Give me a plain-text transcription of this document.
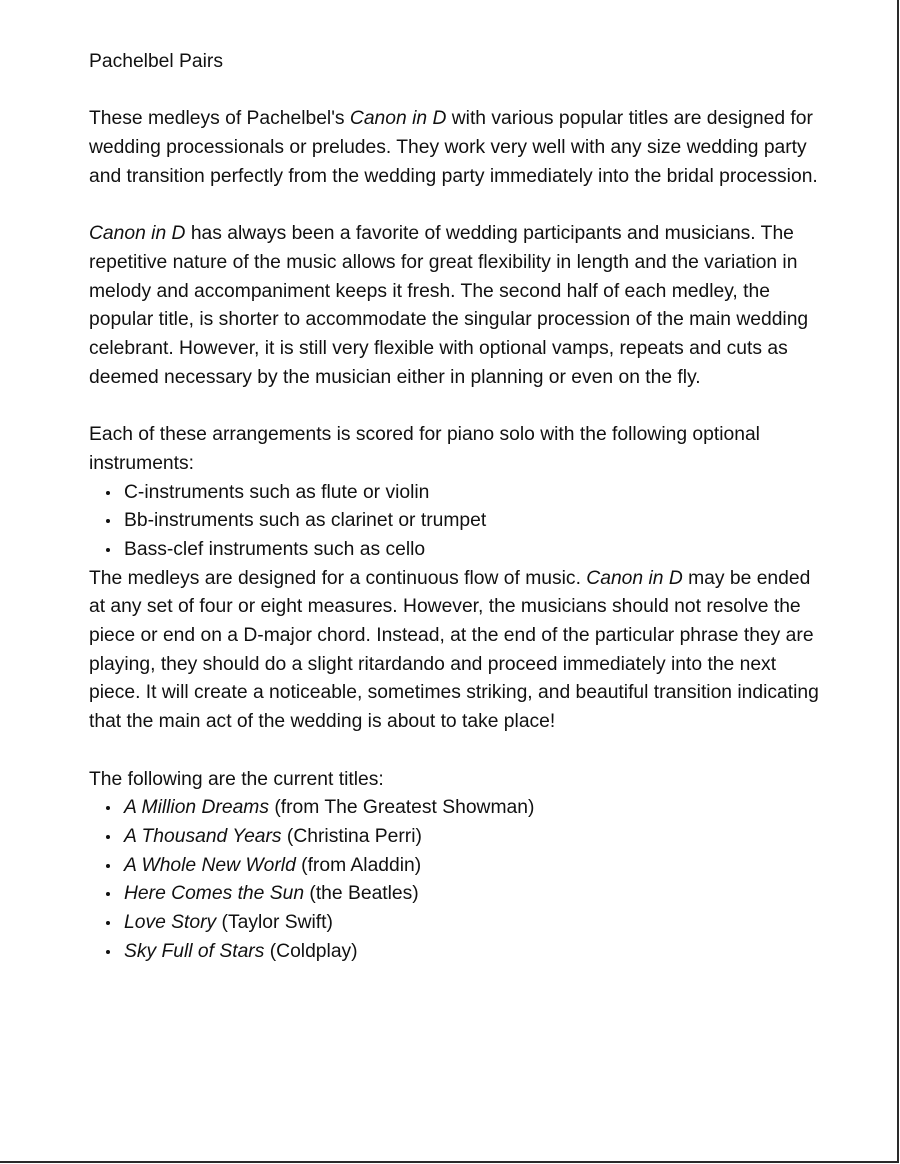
Pachelbel Pairs

These medleys of Pachelbel's Canon in D with various popular titles are designed for wedding processionals or preludes. They work very well with any size wedding party and transition perfectly from the wedding party immediately into the bridal procession.

Canon in D has always been a favorite of wedding participants and musicians. The repetitive nature of the music allows for great flexibility in length and the variation in melody and accompaniment keeps it fresh. The second half of each medley, the popular title, is shorter to accommodate the singular procession of the main wedding celebrant. However, it is still very flexible with optional vamps, repeats and cuts as deemed necessary by the musician either in planning or even on the fly.

Each of these arrangements is scored for piano solo with the following optional instruments:

C-instruments such as flute or violin
Bb-instruments such as clarinet or trumpet
Bass-clef instruments such as cello

The medleys are designed for a continuous flow of music. Canon in D may be ended at any set of four or eight measures. However, the musicians should not resolve the piece or end on a D-major chord. Instead, at the end of the particular phrase they are playing, they should do a slight ritardando and proceed immediately into the next piece. It will create a noticeable, sometimes striking, and beautiful transition indicating that the main act of the wedding is about to take place!

The following are the current titles:

A Million Dreams (from The Greatest Showman)
A Thousand Years (Christina Perri)
A Whole New World (from Aladdin)
Here Comes the Sun (the Beatles)
Love Story (Taylor Swift)
Sky Full of Stars (Coldplay)
